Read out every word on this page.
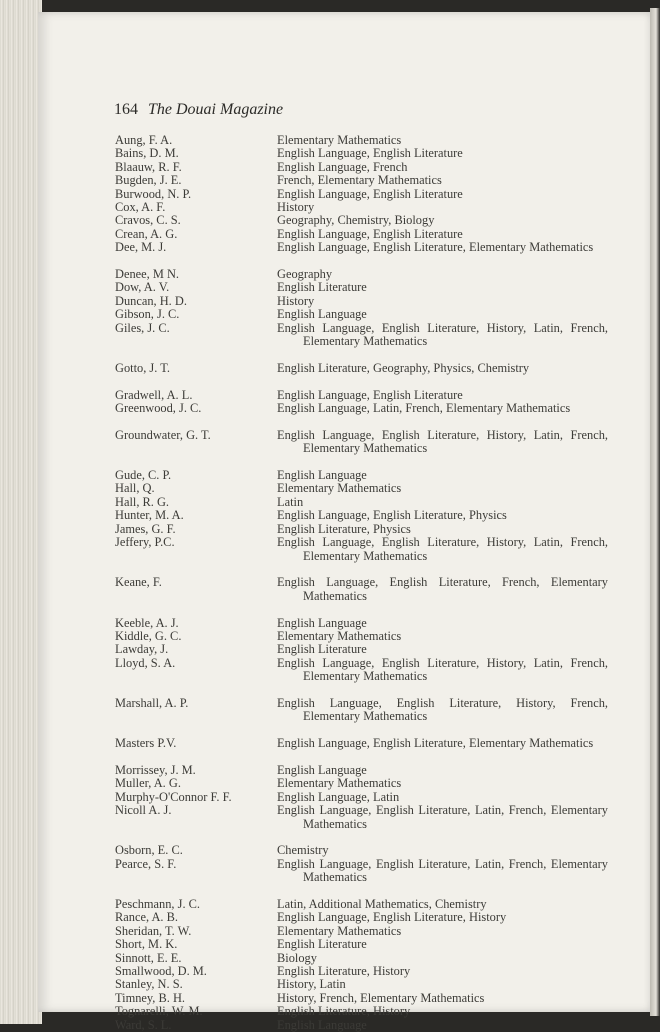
164 The Douai Magazine
Aung, F. A.	Elementary Mathematics
Bains, D. M.	English Language, English Literature
Blaauw, R. F.	English Language, French
Bugden, J. E.	French, Elementary Mathematics
Burwood, N. P.	English Language, English Literature
Cox, A. F.	History
Cravos, C. S.	Geography, Chemistry, Biology
Crean, A. G.	English Language, English Literature
Dee, M. J.	English Language, English Literature, Elementary Mathematics
Denee, M N.	Geography
Dow, A. V.	English Literature
Duncan, H. D.	History
Gibson, J. C.	English Language
Giles, J. C.	English Language, English Literature, History, Latin, French, Elementary Mathematics
Gotto, J. T.	English Literature, Geography, Physics, Chemistry
Gradwell, A. L.	English Language, English Literature
Greenwood, J. C.	English Language, Latin, French, Elementary Mathematics
Groundwater, G. T.	English Language, English Literature, History, Latin, French, Elementary Mathematics
Gude, C. P.	English Language
Hall, Q.	Elementary Mathematics
Hall, R. G.	Latin
Hunter, M. A.	English Language, English Literature, Physics
James, G. F.	English Literature, Physics
Jeffery, P.C.	English Language, English Literature, History, Latin, French, Elementary Mathematics
Keane, F.	English Language, English Literature, French, Elementary Mathematics
Keeble, A. J.	English Language
Kiddle, G. C.	Elementary Mathematics
Lawday, J.	English Literature
Lloyd, S. A.	English Language, English Literature, History, Latin, French, Elementary Mathematics
Marshall, A. P.	English Language, English Literature, History, French, Elementary Mathematics
Masters P.V.	English Language, English Literature, Elementary Mathematics
Morrissey, J. M.	English Language
Muller, A. G.	Elementary Mathematics
Murphy-O'Connor F. F.	English Language, Latin
Nicoll A. J.	English Language, English Literature, Latin, French, Elementary Mathematics
Osborn, E. C.	Chemistry
Pearce, S. F.	English Language, English Literature, Latin, French, Elementary Mathematics
Peschmann, J. C.	Latin, Additional Mathematics, Chemistry
Rance, A. B.	English Language, English Literature, History
Sheridan, T. W.	Elementary Mathematics
Short, M. K.	English Literature
Sinnott, E. E.	Biology
Smallwood, D. M.	English Literature, History
Stanley, N. S.	History, Latin
Timney, B. H.	History, French, Elementary Mathematics
Tognarelli, W. M.	English Literature, History
Ward, S. L.	English Language
